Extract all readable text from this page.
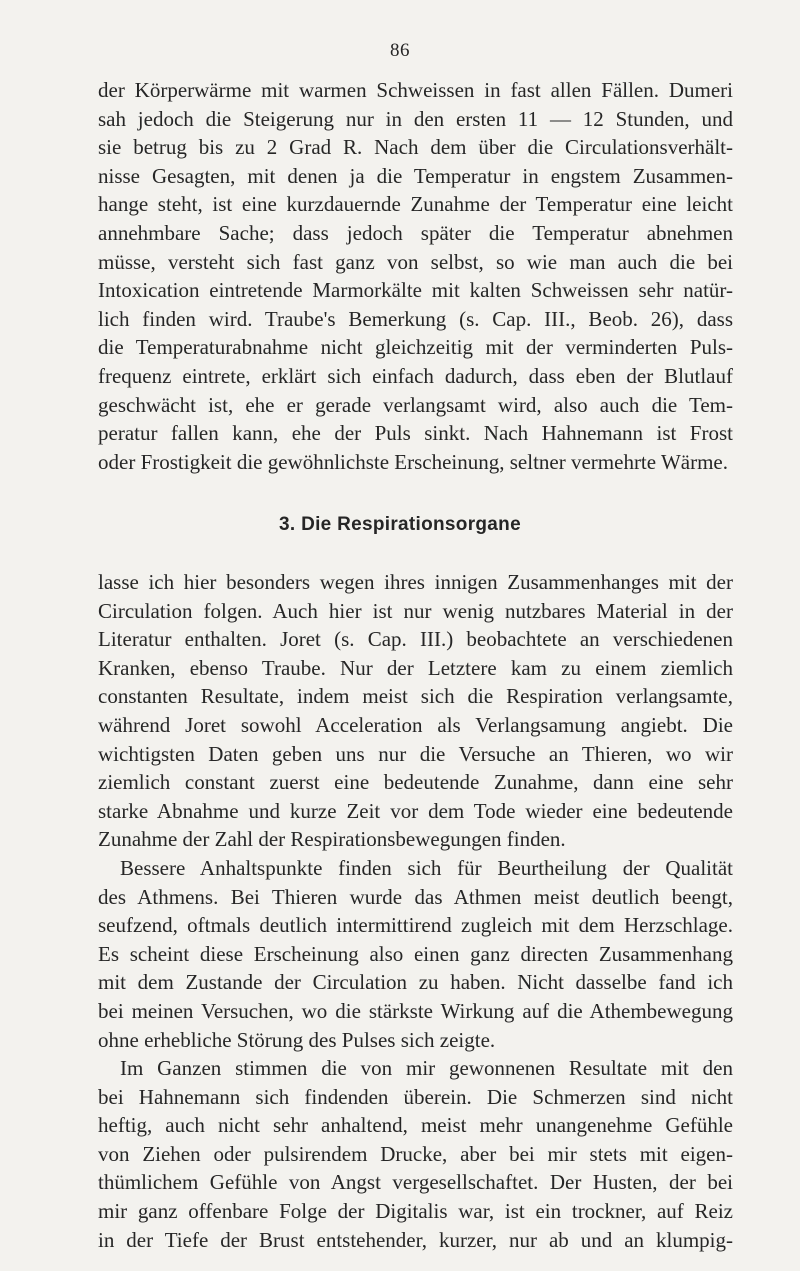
86
der Körperwärme mit warmen Schweissen in fast allen Fällen. Dumeri
sah jedoch die Steigerung nur in den ersten 11 — 12 Stunden, und
sie betrug bis zu 2 Grad R. Nach dem über die Circulationsverhält-
nisse Gesagten, mit denen ja die Temperatur in engstem Zusammen-
hange steht, ist eine kurzdauernde Zunahme der Temperatur eine leicht
annehmbare Sache; dass jedoch später die Temperatur abnehmen
müsse, versteht sich fast ganz von selbst, so wie man auch die bei
Intoxication eintretende Marmorkälte mit kalten Schweissen sehr natür-
lich finden wird. Traube's Bemerkung (s. Cap. III., Beob. 26), dass
die Temperaturabnahme nicht gleichzeitig mit der verminderten Puls-
frequenz eintrete, erklärt sich einfach dadurch, dass eben der Blutlauf
geschwächt ist, ehe er gerade verlangsamt wird, also auch die Tem-
peratur fallen kann, ehe der Puls sinkt. Nach Hahnemann ist Frost
oder Frostigkeit die gewöhnlichste Erscheinung, seltner vermehrte Wärme.
3. Die Respirationsorgane
lasse ich hier besonders wegen ihres innigen Zusammenhanges mit der
Circulation folgen. Auch hier ist nur wenig nutzbares Material in der
Literatur enthalten. Joret (s. Cap. III.) beobachtete an verschiedenen
Kranken, ebenso Traube. Nur der Letztere kam zu einem ziemlich
constanten Resultate, indem meist sich die Respiration verlangsamte,
während Joret sowohl Acceleration als Verlangsamung angiebt. Die
wichtigsten Daten geben uns nur die Versuche an Thieren, wo wir
ziemlich constant zuerst eine bedeutende Zunahme, dann eine sehr
starke Abnahme und kurze Zeit vor dem Tode wieder eine bedeutende
Zunahme der Zahl der Respirationsbewegungen finden.
Bessere Anhaltspunkte finden sich für Beurtheilung der Qualität
des Athmens. Bei Thieren wurde das Athmen meist deutlich beengt,
seufzend, oftmals deutlich intermittirend zugleich mit dem Herzschlage.
Es scheint diese Erscheinung also einen ganz directen Zusammenhang
mit dem Zustande der Circulation zu haben. Nicht dasselbe fand ich
bei meinen Versuchen, wo die stärkste Wirkung auf die Athembewegung
ohne erhebliche Störung des Pulses sich zeigte.
Im Ganzen stimmen die von mir gewonnenen Resultate mit den
bei Hahnemann sich findenden überein. Die Schmerzen sind nicht
heftig, auch nicht sehr anhaltend, meist mehr unangenehme Gefühle
von Ziehen oder pulsirendem Drucke, aber bei mir stets mit eigen-
thümlichem Gefühle von Angst vergesellschaftet. Der Husten, der bei
mir ganz offenbare Folge der Digitalis war, ist ein trockner, auf Reiz
in der Tiefe der Brust entstehender, kurzer, nur ab und an klumpig-
